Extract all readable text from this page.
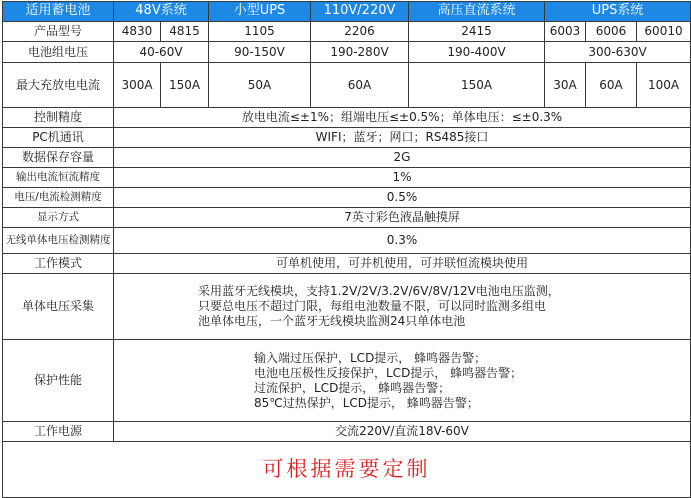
适用蓄电池	48V系统		小型UPS	110V/220V	高压直流系统	UPS系统		
产品型号	4830	4815	1105	2206	2415	6003	6006	60010
电池组电压	40-60V		90-150V	190-280V	190-400V	300-630V		
最大充放电电流	300A	150A	50A	60A	150A	30A	60A	100A
控制精度	放电电流≤±1%；组端电压≤±0.5%；单体电压：≤±0.3%							
PC机通讯	WIFI；蓝牙；网口；RS485接口							
数据保存容量	2G							
输出电流恒流精度	1%							
电压/电流检测精度	0.5%							
显示方式	7英寸彩色液晶触摸屏							
无线单体电压检测精度	0.3%							
工作模式	可单机使用，可并机使用，可并联恒流模块使用							
单体电压采集	采用蓝牙无线模块，支持1.2V/2V/3.2V/6V/8V/12V电池电压监测，
只要总电压不超过门限，每组电池数量不限，可以同时监测多组电
池单体电压，一个蓝牙无线模块监测24只单体电池							

保护性能	输入端过压保护，LCD提示， 蜂鸣器告警；
电池电压极性反接保护，LCD提示， 蜂鸣器告警；
过流保护，LCD提示， 蜂鸣器告警；
85℃过热保护，LCD提示， 蜂鸣器告警；							

工作电源	交流220V/直流18V-60V							
可根据需要定制								
